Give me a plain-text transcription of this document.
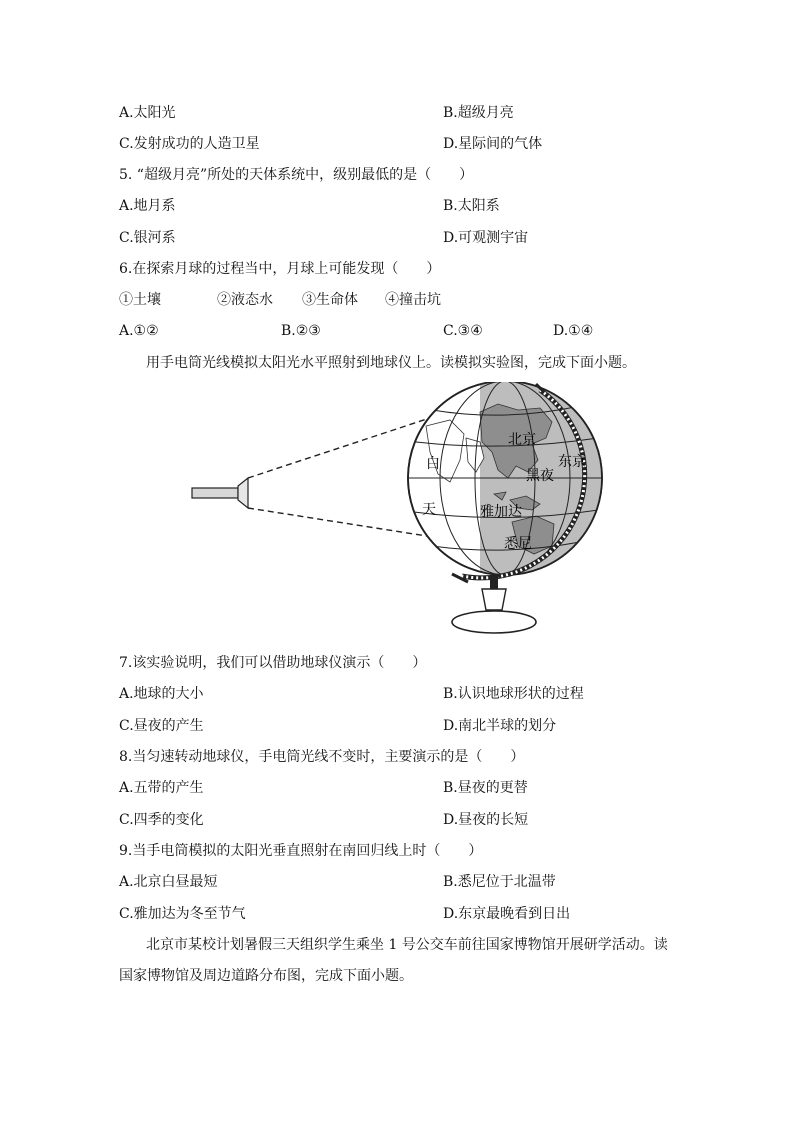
A.太阳光	B.超级月亮
C.发射成功的人造卫星	D.星际间的气体
5. “超级月亮”所处的天体系统中，级别最低的是（　　）
A.地月系	B.太阳系
C.银河系	D.可观测宇宙
6.在探索月球的过程当中，月球上可能发现（　　）
①土壤	②液态水 ③生命体 ④撞击坑
A.①②	B.②③	C.③④	D.①④
用手电筒光线模拟太阳光水平照射到地球仪上。读模拟实验图，完成下面小题。
白
天
北京
东京
黑夜
雅加达
悉尼
7.该实验说明，我们可以借助地球仪演示（　　）
A.地球的大小	B.认识地球形状的过程
C.昼夜的产生	D.南北半球的划分
8.当匀速转动地球仪，手电筒光线不变时，主要演示的是（　　）
A.五带的产生	B.昼夜的更替
C.四季的变化	D.昼夜的长短
9.当手电筒模拟的太阳光垂直照射在南回归线上时（　　）
A.北京白昼最短	B.悉尼位于北温带
C.雅加达为冬至节气	D.东京最晚看到日出
北京市某校计划暑假三天组织学生乘坐 1 号公交车前往国家博物馆开展研学活动。读
国家博物馆及周边道路分布图，完成下面小题。
